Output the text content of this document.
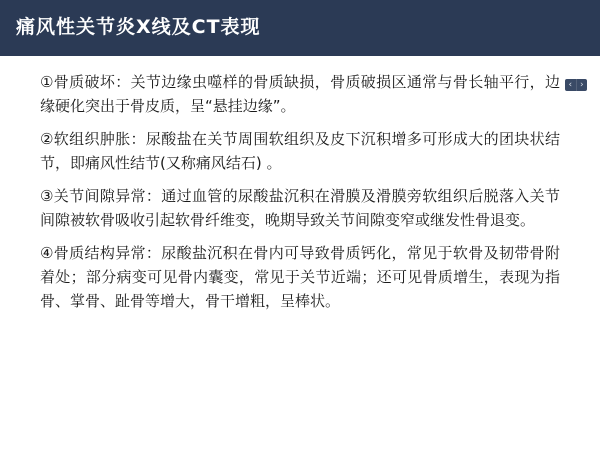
痛风性关节炎X线及CT表现
‹ ›

①骨质破坏：关节边缘虫噬样的骨质缺损，骨质破损区通常与骨长轴平行，边缘硬化突出于骨皮质，呈“悬挂边缘”。

②软组织肿胀：尿酸盐在关节周围软组织及皮下沉积增多可形成大的团块状结节，即痛风性结节(又称痛风结石) 。

③关节间隙异常：通过血管的尿酸盐沉积在滑膜及滑膜旁软组织后脱落入关节间隙被软骨吸收引起软骨纤维变，晚期导致关节间隙变窄或继发性骨退变。

④骨质结构异常：尿酸盐沉积在骨内可导致骨质钙化，常见于软骨及韧带骨附着处；部分病变可见骨内囊变，常见于关节近端；还可见骨质增生，表现为指 骨、掌骨、趾骨等增大，骨干增粗，呈棒状。
